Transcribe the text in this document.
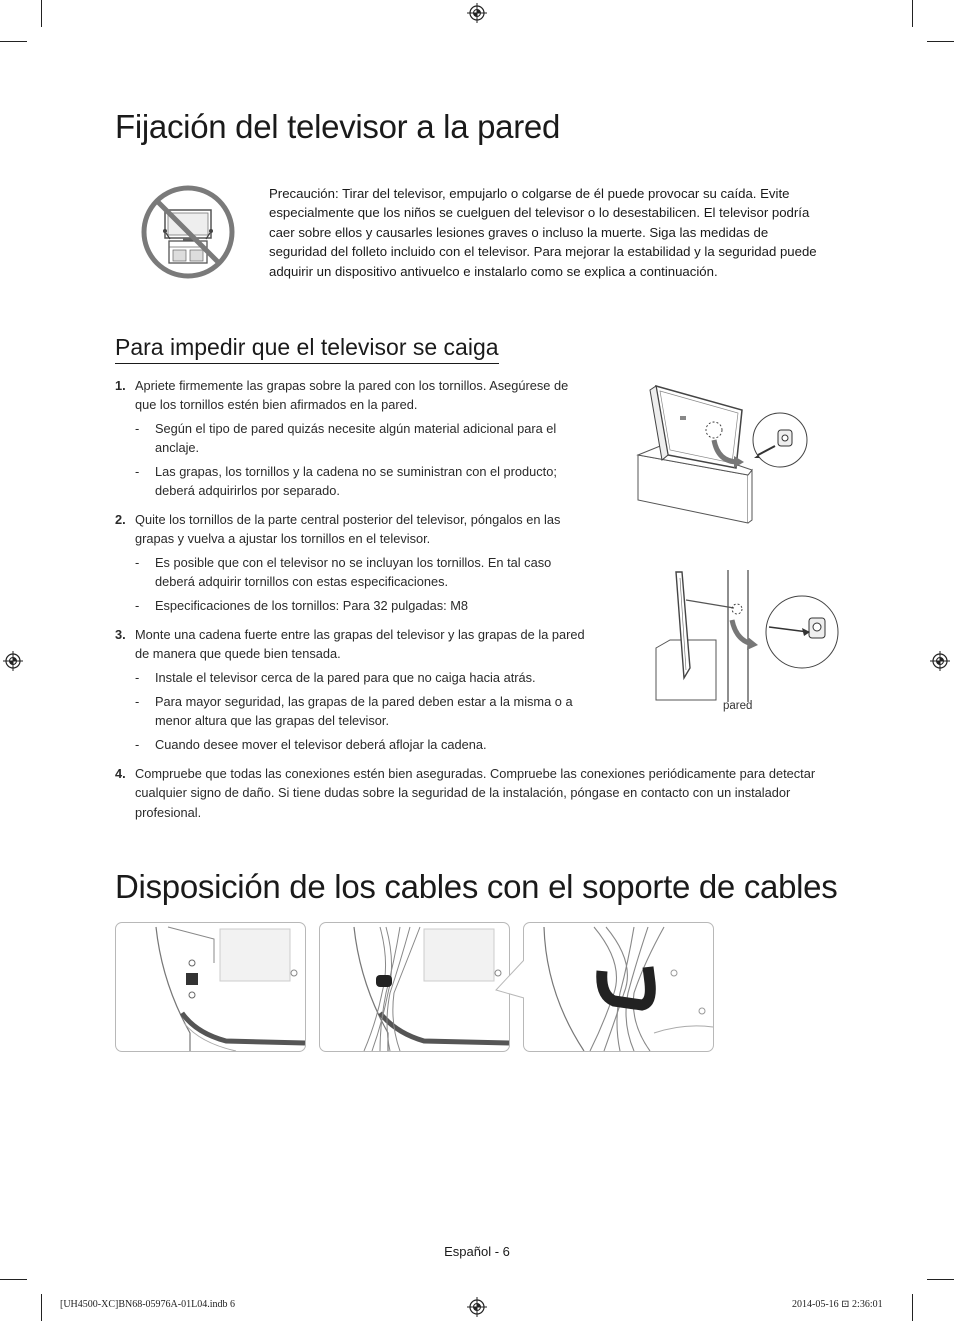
Fijación del televisor a la pared
Precaución: Tirar del televisor, empujarlo o colgarse de él puede provocar su caída. Evite especialmente que los niños se cuelguen del televisor o lo desestabilicen. El televisor podría caer sobre ellos y causarles lesiones graves o incluso la muerte. Siga las medidas de seguridad del folleto incluido con el televisor. Para mejorar la estabilidad y la seguridad puede adquirir un dispositivo antivuelco e instalarlo como se explica a continuación.
Para impedir que el televisor se caiga
1. Apriete firmemente las grapas sobre la pared con los tornillos. Asegúrese de que los tornillos estén bien afirmados en la pared.
- Según el tipo de pared quizás necesite algún material adicional para el anclaje.
- Las grapas, los tornillos y la cadena no se suministran con el producto; deberá adquirirlos por separado.
2. Quite los tornillos de la parte central posterior del televisor, póngalos en las grapas y vuelva a ajustar los tornillos en el televisor.
- Es posible que con el televisor no se incluyan los tornillos. En tal caso deberá adquirir tornillos con estas especificaciones.
- Especificaciones de los tornillos: Para 32 pulgadas: M8
3. Monte una cadena fuerte entre las grapas del televisor y las grapas de la pared de manera que quede bien tensada.
- Instale el televisor cerca de la pared para que no caiga hacia atrás.
- Para mayor seguridad, las grapas de la pared deben estar a la misma o a menor altura que las grapas del televisor.
- Cuando desee mover el televisor deberá aflojar la cadena.
4. Compruebe que todas las conexiones estén bien aseguradas. Compruebe las conexiones periódicamente para detectar cualquier signo de daño. Si tiene dudas sobre la seguridad de la instalación, póngase en contacto con un instalador profesional.
pared
Disposición de los cables con el soporte de cables
Español - 6
[UH4500-XC]BN68-05976A-01L04.indb 6	2014-05-16 ⊡ 2:36:01
